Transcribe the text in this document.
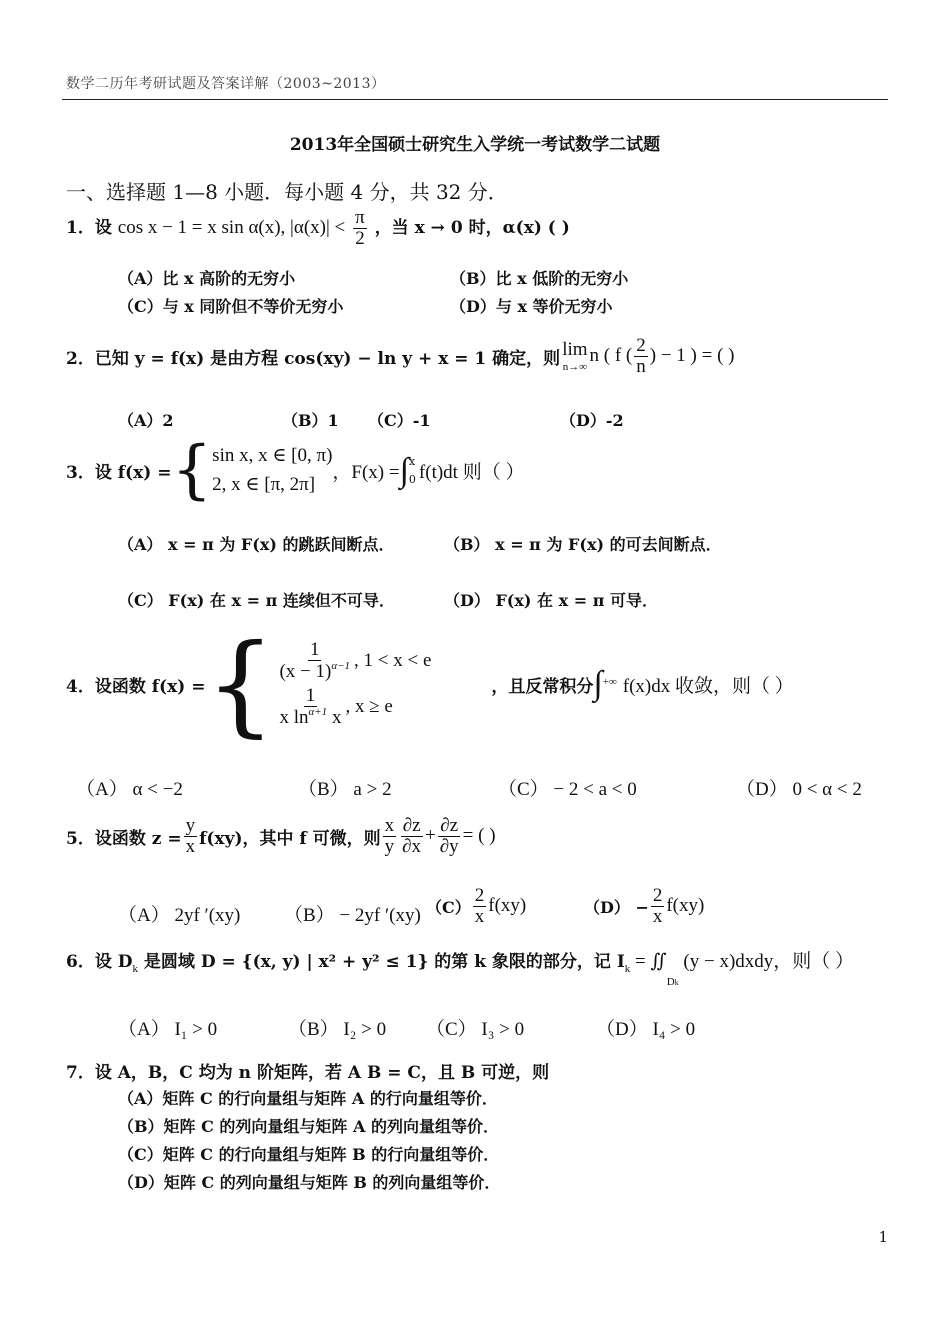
数学二历年考研试题及答案详解（2003~2013）
2013年全国硕士研究生入学统一考试数学二试题
一、选择题 1—8 小题．每小题 4 分，共 32 分．
1．设 cos x − 1 = x sin α(x), $|\alpha(x)| < \frac{\pi}{2}$ ，当 x → 0 时，α(x) ( )
（A）比 x 高阶的无穷小	（B）比 x 低阶的无穷小
（C）与 x 同阶但不等价无穷小	（D）与 x 等价无穷小
2．已知 y = f(x) 是由方程 cos(xy) − ln y + x = 1 确定，则 lim
n→∞
n ( f ( $\frac{2}{n}$ ) − 1 ) = ( )
（A）2	（B）1 （C）-1	（D）-2
3．设 f(x) = { sin x, x ∈ [0, π)
2, x ∈ [π, 2π]
，F(x) = ∫ x
0 f(t)dt 则（ ）
（A） x = π 为 F(x) 的跳跃间断点．	（B） x = π 为 F(x) 的可去间断点．
（C） F(x) 在 x = π 连续但不可导．	（D） F(x) 在 x = π 可导．
4．设函数 f(x) = { $\frac{1}{(x - 1)^{\alpha-1}}$ , 1 < x < e
$\frac{1}{x \ln^{\alpha+1} x}$ , x ≥ e
，且反常积分 ∫ +∞ f(x)dx 收敛，则（ ）
（A） α < −2	（B） a > 2	（C） − 2 < a < 0	（D） 0 < α < 2
5．设函数 $z = \frac{y}{x} f(xy)$，其中 f 可微，则 $\frac{x}{y} \frac{\partial z}{\partial x} + \frac{\partial z}{\partial y}$ = ( )
（A） 2yf ′(xy) （B） − 2yf ′(xy) $(C) \frac{2}{x} f(xy)$	$(D) - \frac{2}{x} f(xy)$
6．设 $D_k$ 是圆域 D = {(x, y) | x² + y² ≤ 1} 的第 k 象限的部分，记 $I_k$ = $∬_{Dk}$ (y − x)dxdy，则（ ）
（A） I₁ > 0	（B） I₂ > 0 （C） I₃ > 0	（D） I₄ > 0
7．设 A，B，C 均为 n 阶矩阵，若 A B = C，且 B 可逆，则
（A）矩阵 C 的行向量组与矩阵 A 的行向量组等价．
（B）矩阵 C 的列向量组与矩阵 A 的列向量组等价．
（C）矩阵 C 的行向量组与矩阵 B 的行向量组等价．
（D）矩阵 C 的列向量组与矩阵 B 的列向量组等价．
1
